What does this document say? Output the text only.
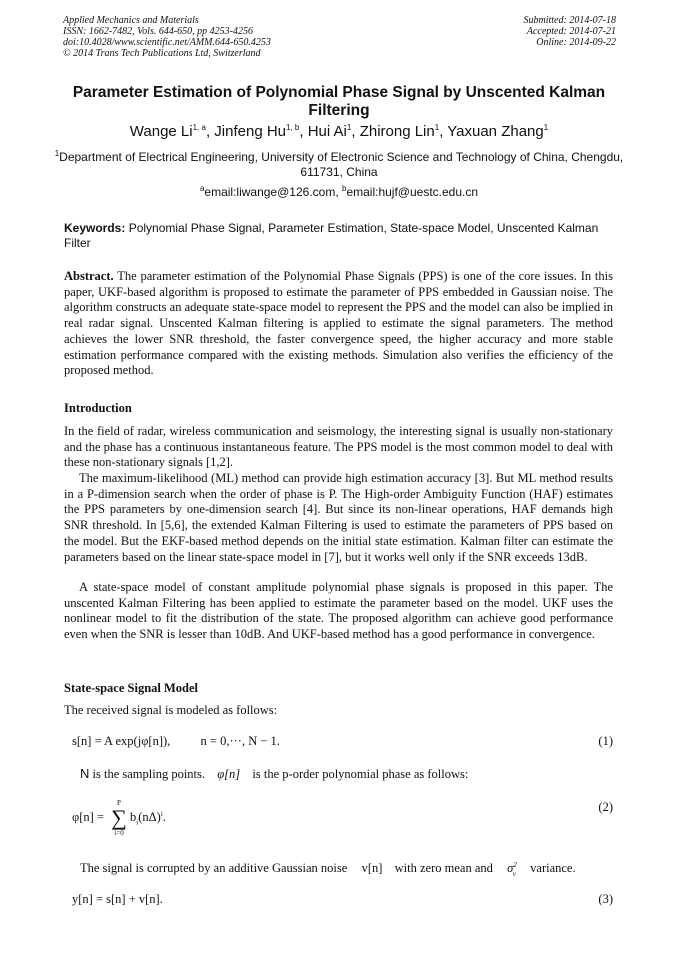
Applied Mechanics and Materials
ISSN: 1662-7482, Vols. 644-650, pp 4253-4256
doi:10.4028/www.scientific.net/AMM.644-650.4253
© 2014 Trans Tech Publications Ltd, Switzerland
Submitted: 2014-07-18
Accepted: 2014-07-21
Online: 2014-09-22
Parameter Estimation of Polynomial Phase Signal by Unscented Kalman Filtering
Wange Li$^{1, a}$, Jinfeng Hu$^{1, b}$, Hui Ai$^1$, Zhirong Lin$^1$, Yaxuan Zhang$^1$
$^1$Department of Electrical Engineering, University of Electronic Science and Technology of China, Chengdu, 611731, China
$^a$email:liwange@126.com, $^b$email:hujf@uestc.edu.cn
Keywords: Polynomial Phase Signal, Parameter Estimation, State-space Model, Unscented Kalman Filter

Abstract. The parameter estimation of the Polynomial Phase Signals (PPS) is one of the core issues. In this paper, UKF-based algorithm is proposed to estimate the parameter of PPS embedded in Gaussian noise. The algorithm constructs an adequate state-space model to represent the PPS and the model can also be implied in real radar signal. Unscented Kalman filtering is applied to estimate the signal parameters. The method achieves the lower SNR threshold, the faster convergence speed, the higher accuracy and more stable estimation performance compared with the existing methods. Simulation also verifies the efficiency of the proposed method.

Introduction

In the field of radar, wireless communication and seismology, the interesting signal is usually non-stationary and the phase has a continuous instantaneous feature. The PPS model is the most common model to deal with these non-stationary signals [1,2].

The maximum-likelihood (ML) method can provide high estimation accuracy [3]. But ML method results in a P-dimension search when the order of phase is P. The High-order Ambiguity Function (HAF) estimates the PPS parameters by one-dimension search [4]. But since its non-linear operations, HAF demands high SNR threshold. In [5,6], the extended Kalman Filtering is used to estimate the parameters of PPS based on the model. But the EKF-based method depends on the initial state estimation. Kalman filter can estimate the parameters based on the linear state-space model in [7], but it works well only if the SNR exceeds 13dB.

A state-space model of constant amplitude polynomial phase signals is proposed in this paper. The unscented Kalman Filtering has been applied to estimate the parameter based on the model. UKF uses the nonlinear model to fit the distribution of the state. The proposed algorithm can achieve good performance even when the SNR is lesser than 10dB. And UKF-based method has a good performance in convergence.

State-space Signal Model
The received signal is modeled as follows:
s[n] = A exp(jφ[n]), n = 0,···, N − 1.	(1)
N is the sampling points. φ[n] is the p-order polynomial phase as follows:
φ[n] =
P
∑
i=0
$b_i(n\Delta)^i$.
(2)
The signal is corrupted by an additive Gaussian noise v[n] with zero mean and $\sigma^2_v$ variance.
y[n] = s[n] + v[n].	(3)
